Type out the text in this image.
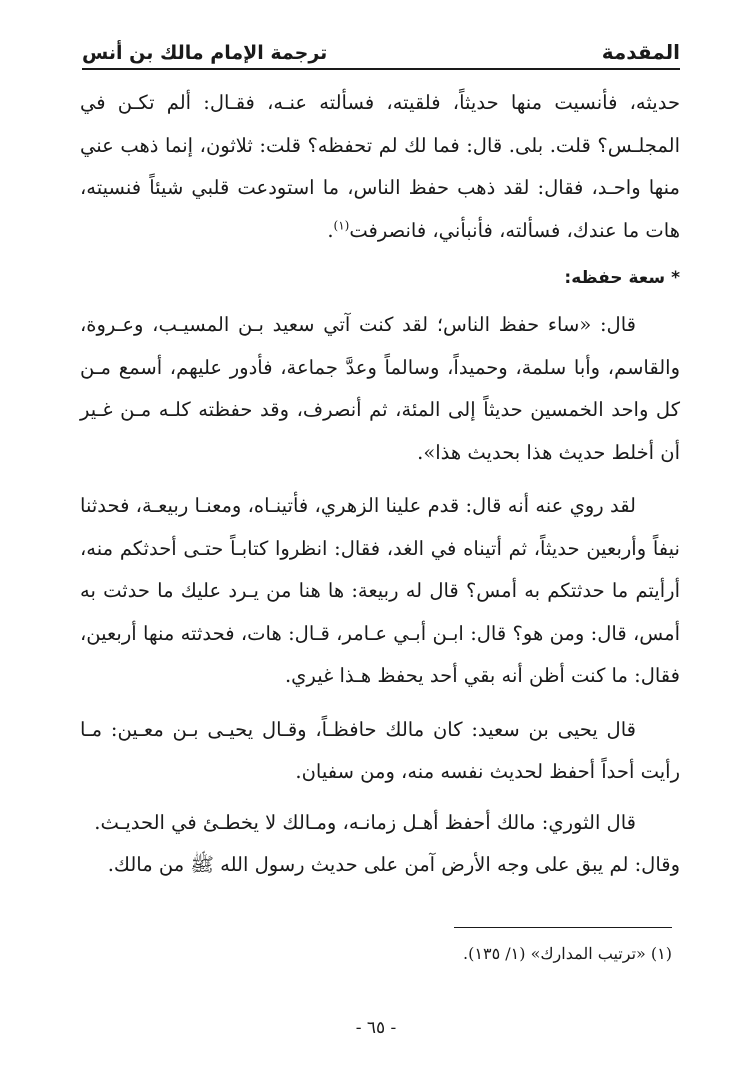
المقدمة
ترجمة الإمام مالك بن أنس

حديثه، فأنسيت منها حديثاً، فلقيته، فسألته عنـه، فقـال: ألم تكـن في المجلـس؟ قلت. بلى. قال: فما لك لم تحفظه؟ قلت: ثلاثون، إنما ذهب عني منها واحـد، فقال: لقد ذهب حفظ الناس، ما استودعت قلبي شيئاً فنسيته، هات ما عندك، فسألته، فأنبأني، فانصرفت$^{(١)}$.

*سعة حفظه:

قال: «ساء حفظ الناس؛ لقد كنت آتي سعيد بـن المسيـب، وعـروة، والقاسم، وأبا سلمة، وحميداً، وسالماً وعدَّ جماعة، فأدور عليهم، أسمع مـن كل واحد الخمسين حديثاً إلى المئة، ثم أنصرف، وقد حفظته كلـه مـن غـير أن أخلط حديث هذا بحديث هذا».

لقد روي عنه أنه قال: قدم علينا الزهري، فأتينـاه، ومعنـا ربيعـة، فحدثنا نيفاً وأربعين حديثاً، ثم أتيناه في الغد، فقال: انظروا كتابـاً حتـى أحدثكم منه، أرأيتم ما حدثتكم به أمس؟ قال له ربيعة: ها هنا من يـرد عليك ما حدثت به أمس، قال: ومن هو؟ قال: ابـن أبـي عـامر، قـال: هات، فحدثته منها أربعين، فقال: ما كنت أظن أنه بقي أحد يحفظ هـذا غيري.

قال يحيى بن سعيد: كان مالك حافظـاً، وقـال يحيـى بـن معـين: مـا رأيت أحداً أحفظ لحديث نفسه منه، ومن سفيان.

قال الثوري: مالك أحفظ أهـل زمانـه، ومـالك لا يخطـئ في الحديـث.

وقال: لم يبق على وجه الأرض آمن على حديث رسول الله ﷺ من مالك.

(١) «ترتيب المدارك» (١/ ١٣٥).
- ٦٥ -
